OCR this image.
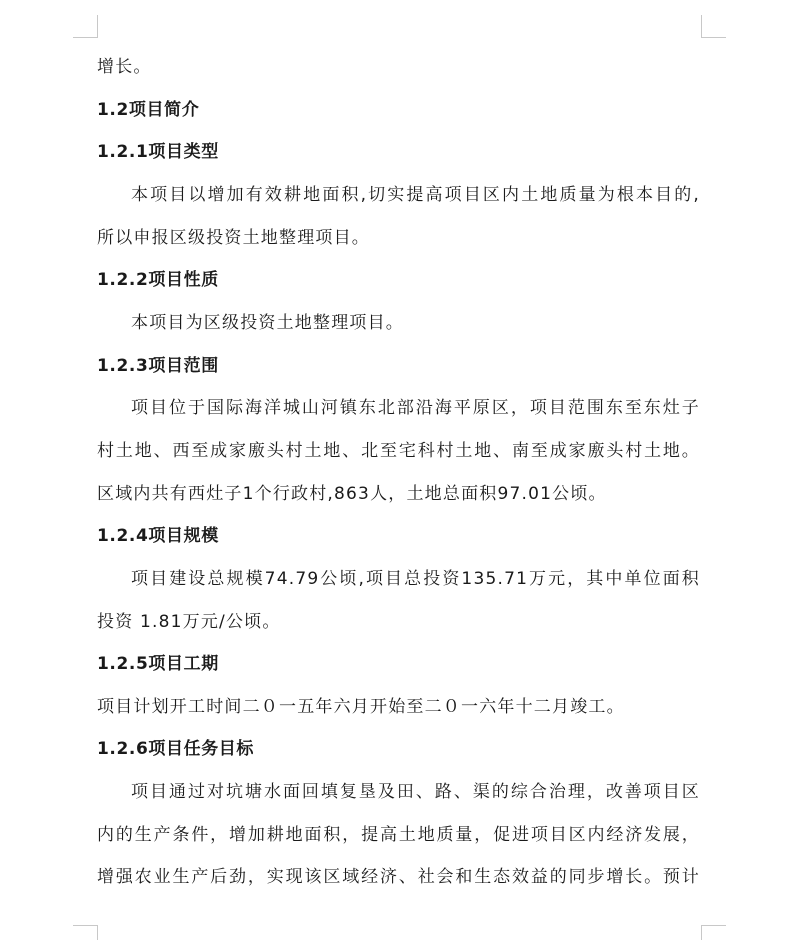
增长。
1.2项目简介
1.2.1项目类型
本项目以增加有效耕地面积,切实提高项目区内土地质量为根本目的,
所以申报区级投资土地整理项目。
1.2.2项目性质
本项目为区级投资土地整理项目。
1.2.3项目范围
项目位于国际海洋城山河镇东北部沿海平原区，项目范围东至东灶子
村土地、西至成家廒头村土地、北至宅科村土地、南至成家廒头村土地。
区域内共有西灶子1个行政村,863人，土地总面积97.01公顷。
1.2.4项目规模
项目建设总规模74.79公顷,项目总投资135.71万元，其中单位面积
投资 1.81万元/公顷。
1.2.5项目工期
项目计划开工时间二０一五年六月开始至二０一六年十二月竣工。
1.2.6项目任务目标
项目通过对坑塘水面回填复垦及田、路、渠的综合治理，改善项目区
内的生产条件，增加耕地面积，提高土地质量，促进项目区内经济发展，
增强农业生产后劲，实现该区域经济、社会和生态效益的同步增长。预计
